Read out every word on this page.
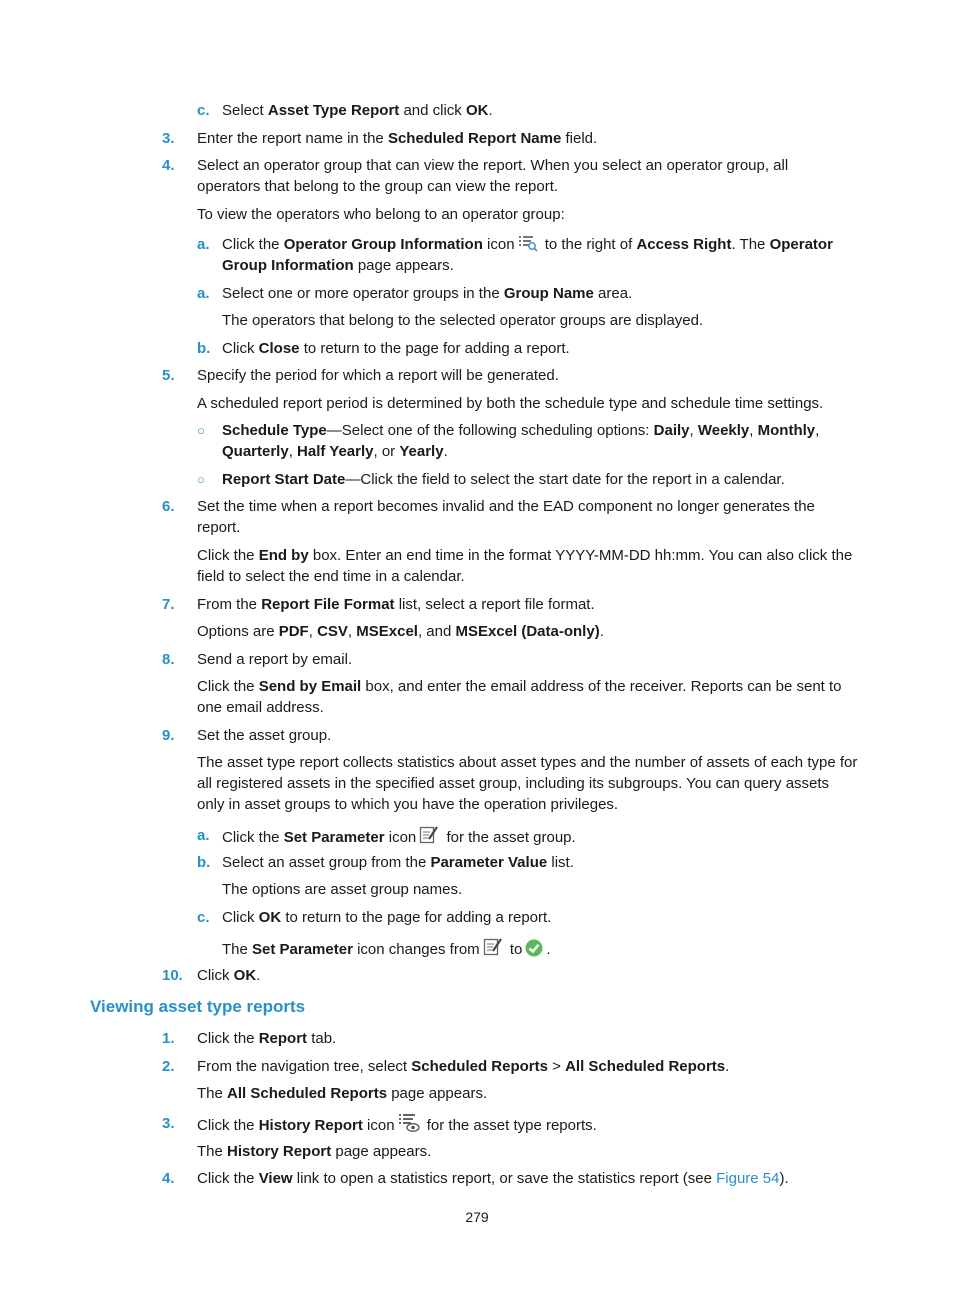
c. Select Asset Type Report and click OK.
3. Enter the report name in the Scheduled Report Name field.
4. Select an operator group that can view the report. When you select an operator group, all
operators that belong to the group can view the report.
To view the operators who belong to an operator group:
a. Click the Operator Group Information icon to the right of Access Right. The Operator
Group Information page appears.
a. Select one or more operator groups in the Group Name area.
The operators that belong to the selected operator groups are displayed.
b. Click Close to return to the page for adding a report.
5. Specify the period for which a report will be generated.
A scheduled report period is determined by both the schedule type and schedule time settings.
○ Schedule Type—Select one of the following scheduling options: Daily, Weekly, Monthly,
Quarterly, Half Yearly, or Yearly.
○ Report Start Date—Click the field to select the start date for the report in a calendar.
6. Set the time when a report becomes invalid and the EAD component no longer generates the
report.
Click the End by box. Enter an end time in the format YYYY-MM-DD hh:mm. You can also click the
field to select the end time in a calendar.
7. From the Report File Format list, select a report file format.
Options are PDF, CSV, MSExcel, and MSExcel (Data-only).
8. Send a report by email.
Click the Send by Email box, and enter the email address of the receiver. Reports can be sent to
one email address.
9. Set the asset group.
The asset type report collects statistics about asset types and the number of assets of each type for
all registered assets in the specified asset group, including its subgroups. You can query assets
only in asset groups to which you have the operation privileges.
a. Click the Set Parameter icon for the asset group.
b. Select an asset group from the Parameter Value list.
The options are asset group names.
c. Click OK to return to the page for adding a report.
The Set Parameter icon changes from to .
10. Click OK.
Viewing asset type reports
1. Click the Report tab.
2. From the navigation tree, select Scheduled Reports > All Scheduled Reports.
The All Scheduled Reports page appears.
3. Click the History Report icon for the asset type reports.
The History Report page appears.
4. Click the View link to open a statistics report, or save the statistics report (see Figure 54).
279
